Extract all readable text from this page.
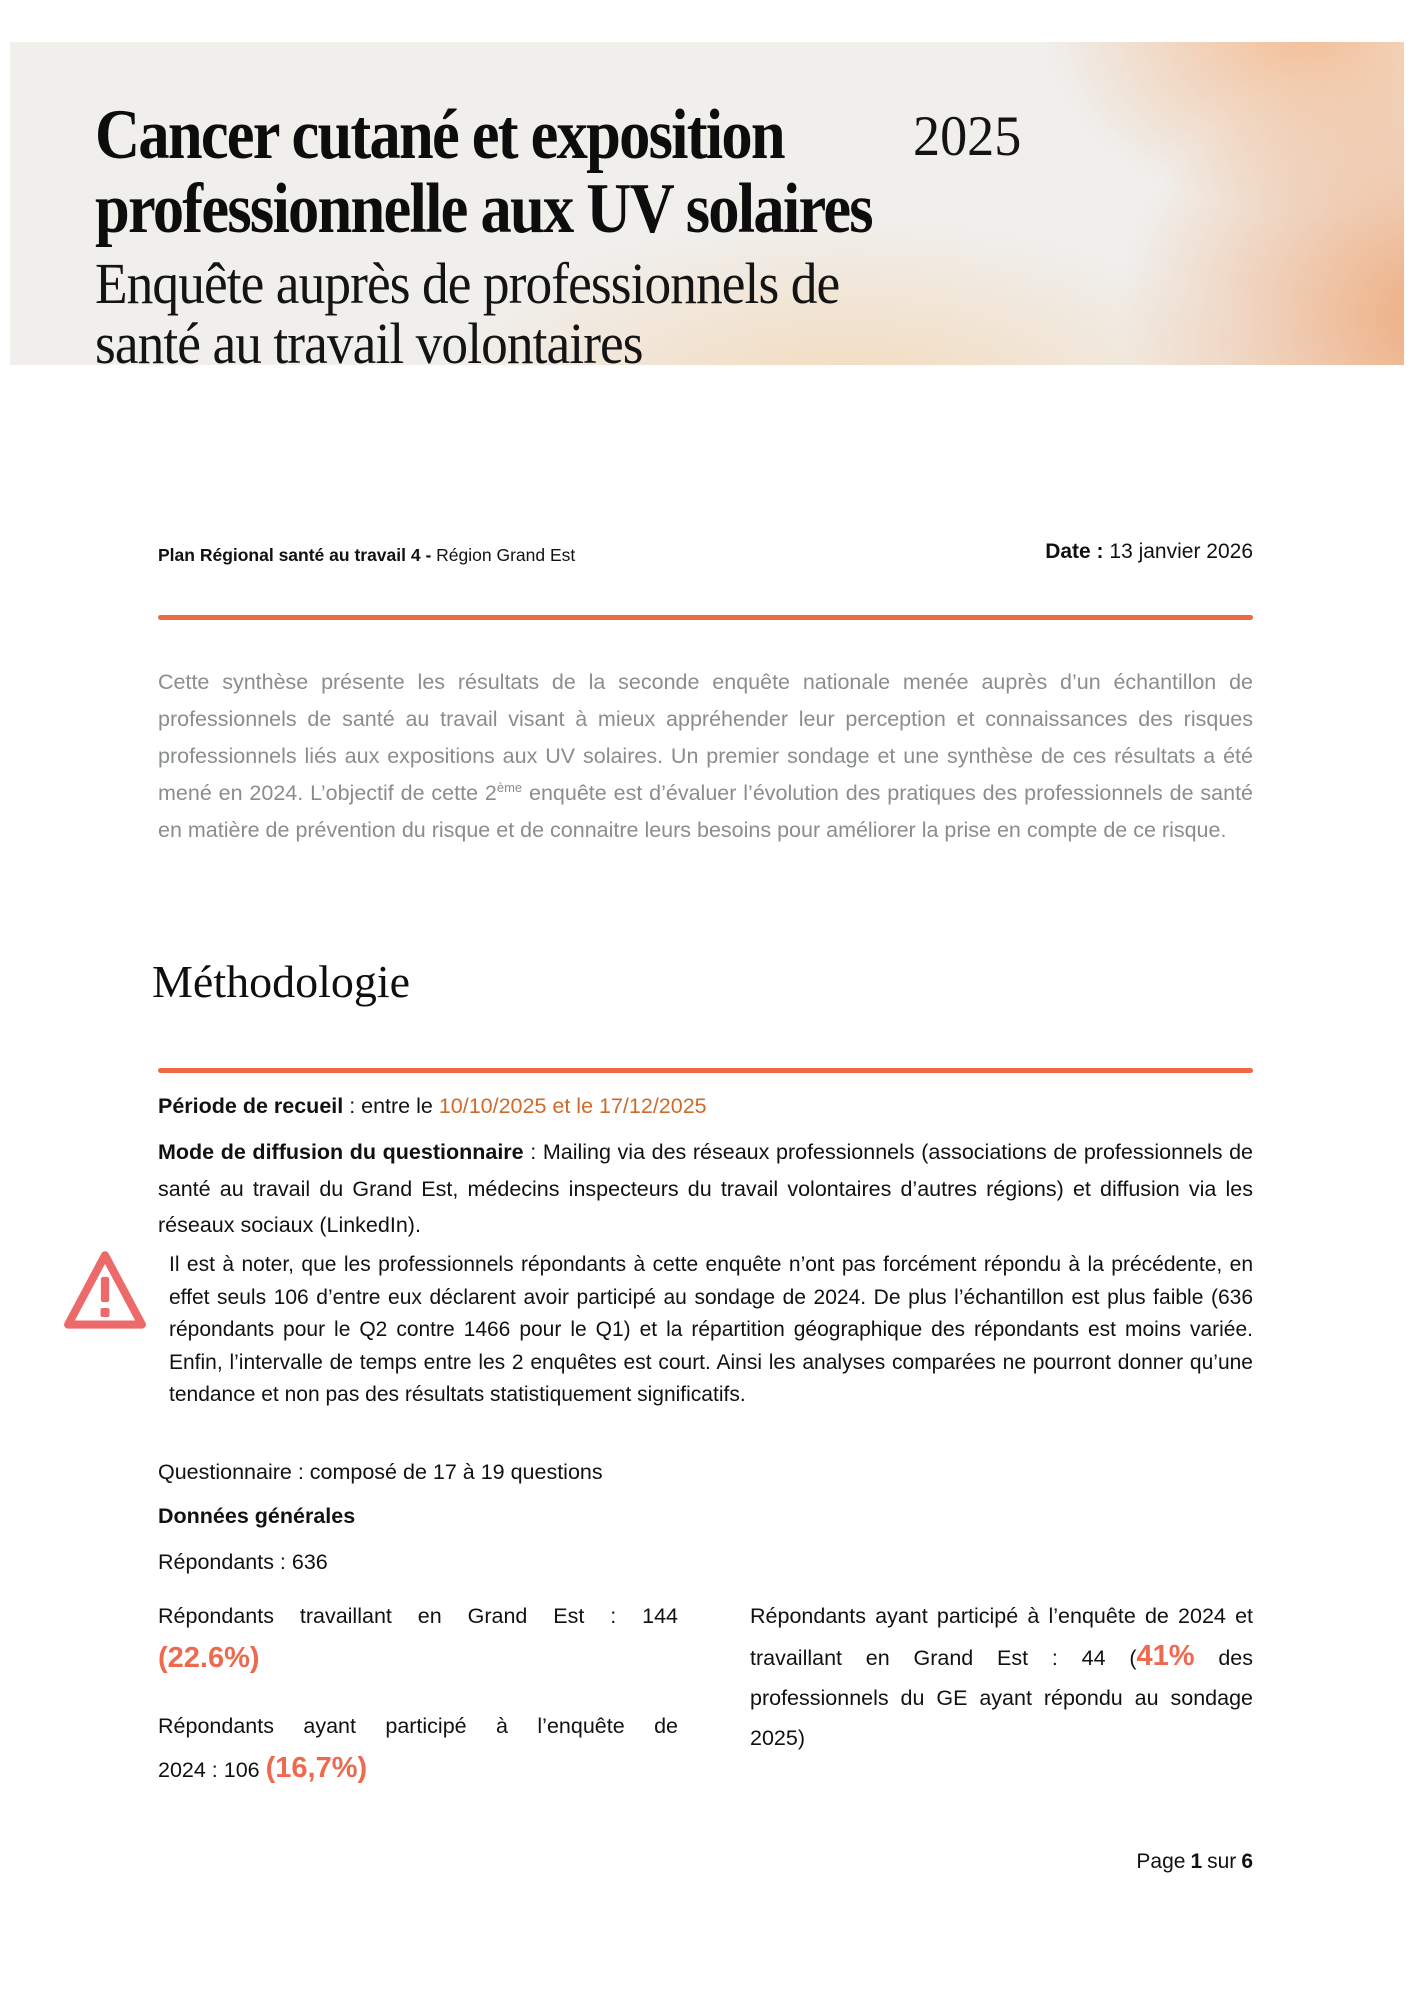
Cancer cutané et exposition
professionnelle aux UV solaires
2025
Enquête auprès de professionnels de
santé au travail volontaires
Plan Régional santé au travail 4 - Région Grand Est	Date : 13 janvier 2026

Cette synthèse présente les résultats de la seconde enquête nationale menée auprès d’un échantillon de professionnels de santé au travail visant à mieux appréhender leur perception et connaissances des risques professionnels liés aux expositions aux UV solaires. Un premier sondage et une synthèse de ces résultats a été mené en 2024. L’objectif de cette 2ème enquête est d’évaluer l’évolution des pratiques des professionnels de santé en matière de prévention du risque et de connaitre leurs besoins pour améliorer la prise en compte de ce risque.

Méthodologie

Période de recueil : entre le 10/10/2025 et le 17/12/2025

Mode de diffusion du questionnaire : Mailing via des réseaux professionnels (associations de professionnels de santé au travail du Grand Est, médecins inspecteurs du travail volontaires d’autres régions) et diffusion via les réseaux sociaux (LinkedIn).

Il est à noter, que les professionnels répondants à cette enquête n’ont pas forcément répondu à la précédente, en effet seuls 106 d’entre eux déclarent avoir participé au sondage de 2024. De plus l’échantillon est plus faible (636 répondants pour le Q2 contre 1466 pour le Q1) et la répartition géographique des répondants est moins variée. Enfin, l’intervalle de temps entre les 2 enquêtes est court. Ainsi les analyses comparées ne pourront donner qu’une tendance et non pas des résultats statistiquement significatifs.

Questionnaire : composé de 17 à 19 questions

Données générales

Répondants : 636

Répondants travaillant en Grand Est : 144
(22.6%)
Répondants ayant participé à l’enquête de
2024 : 106 (16,7%)
Répondants ayant participé à l’enquête de 2024 et travaillant en Grand Est : 44 (41% des professionnels du GE ayant répondu au sondage 2025)
Page 1 sur 6
